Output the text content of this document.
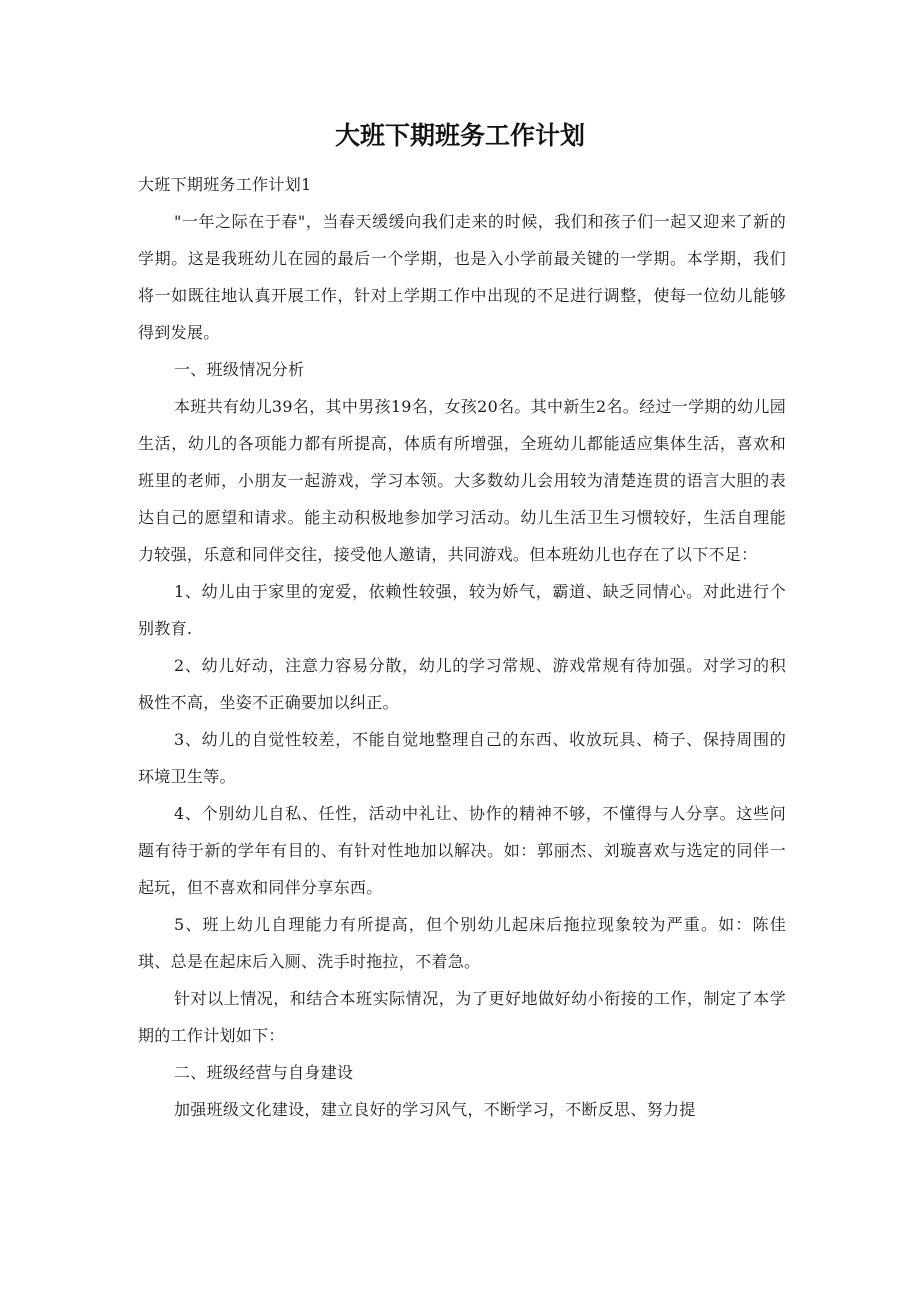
大班下期班务工作计划

大班下期班务工作计划1

"一年之际在于春"，当春天缓缓向我们走来的时候，我们和孩子们一起又迎来了新的学期。这是我班幼儿在园的最后一个学期，也是入小学前最关键的一学期。本学期，我们将一如既往地认真开展工作，针对上学期工作中出现的不足进行调整，使每一位幼儿能够得到发展。

一、班级情况分析

本班共有幼儿39名，其中男孩19名，女孩20名。其中新生2名。经过一学期的幼儿园生活，幼儿的各项能力都有所提高，体质有所增强，全班幼儿都能适应集体生活，喜欢和班里的老师，小朋友一起游戏，学习本领。大多数幼儿会用较为清楚连贯的语言大胆的表达自己的愿望和请求。能主动积极地参加学习活动。幼儿生活卫生习惯较好，生活自理能力较强，乐意和同伴交往，接受他人邀请，共同游戏。但本班幼儿也存在了以下不足：

1、幼儿由于家里的宠爱，依赖性较强，较为娇气，霸道、缺乏同情心。对此进行个别教育.

2、幼儿好动，注意力容易分散，幼儿的学习常规、游戏常规有待加强。对学习的积极性不高，坐姿不正确要加以纠正。

3、幼儿的自觉性较差，不能自觉地整理自己的东西、收放玩具、椅子、保持周围的环境卫生等。

4、个别幼儿自私、任性，活动中礼让、协作的精神不够，不懂得与人分享。这些问题有待于新的学年有目的、有针对性地加以解决。如：郭丽杰、刘璇喜欢与选定的同伴一起玩，但不喜欢和同伴分享东西。

5、班上幼儿自理能力有所提高，但个别幼儿起床后拖拉现象较为严重。如：陈佳琪、总是在起床后入厕、洗手时拖拉，不着急。

针对以上情况，和结合本班实际情况，为了更好地做好幼小衔接的工作，制定了本学期的工作计划如下：

二、班级经营与自身建设

加强班级文化建设，建立良好的学习风气，不断学习，不断反思、努力提
